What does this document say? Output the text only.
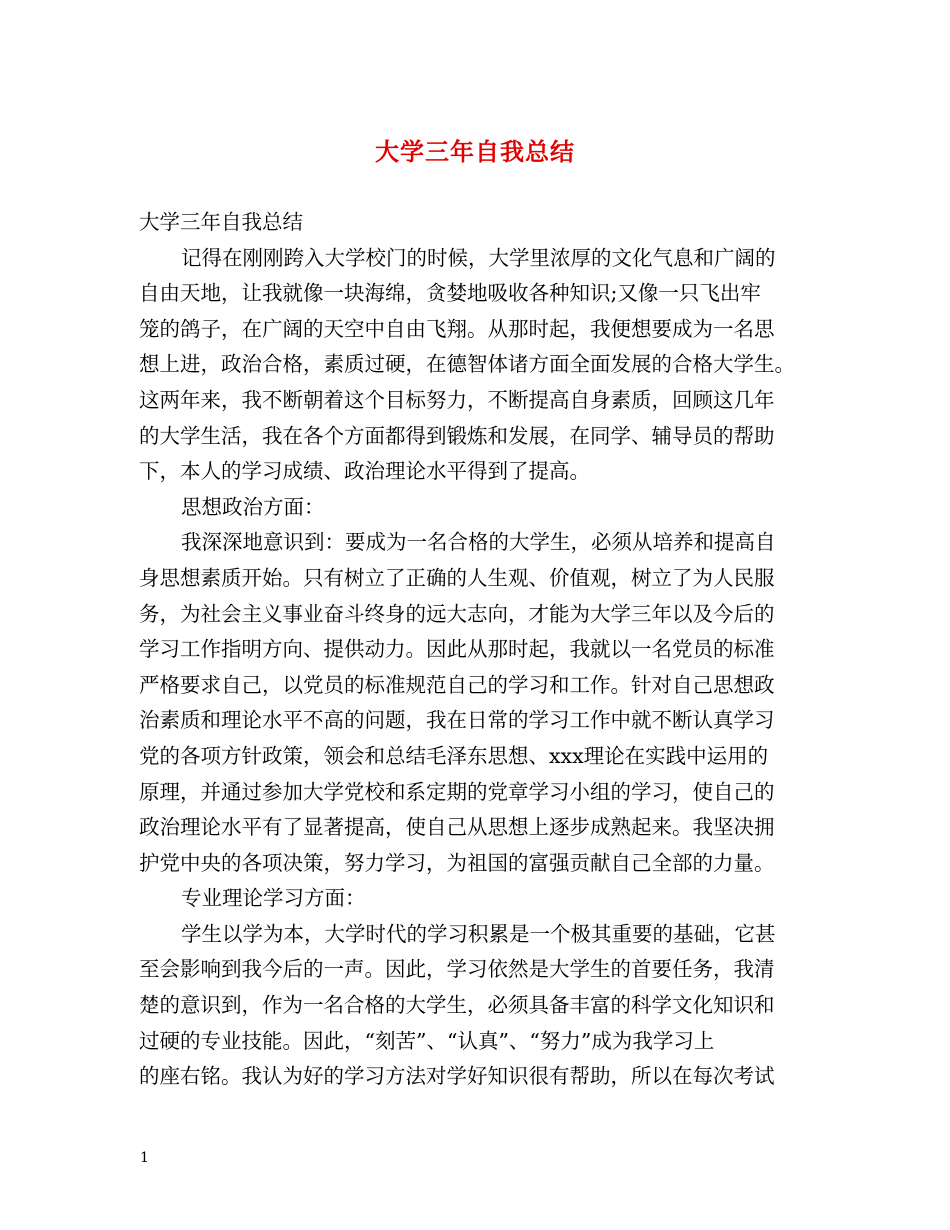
大学三年自我总结
大学三年自我总结
记得在刚刚跨入大学校门的时候，大学里浓厚的文化气息和广阔的
自由天地，让我就像一块海绵，贪婪地吸收各种知识;又像一只飞出牢
笼的鸽子，在广阔的天空中自由飞翔。从那时起，我便想要成为一名思
想上进，政治合格，素质过硬，在德智体诸方面全面发展的合格大学生。
这两年来，我不断朝着这个目标努力，不断提高自身素质，回顾这几年
的大学生活，我在各个方面都得到锻炼和发展，在同学、辅导员的帮助
下，本人的学习成绩、政治理论水平得到了提高。
思想政治方面：
我深深地意识到：要成为一名合格的大学生，必须从培养和提高自
身思想素质开始。只有树立了正确的人生观、价值观，树立了为人民服
务，为社会主义事业奋斗终身的远大志向，才能为大学三年以及今后的
学习工作指明方向、提供动力。因此从那时起，我就以一名党员的标准
严格要求自己，以党员的标准规范自己的学习和工作。针对自己思想政
治素质和理论水平不高的问题，我在日常的学习工作中就不断认真学习
党的各项方针政策，领会和总结毛泽东思想、xxx理论在实践中运用的
原理，并通过参加大学党校和系定期的党章学习小组的学习，使自己的
政治理论水平有了显著提高，使自己从思想上逐步成熟起来。我坚决拥
护党中央的各项决策，努力学习，为祖国的富强贡献自己全部的力量。
专业理论学习方面：
学生以学为本，大学时代的学习积累是一个极其重要的基础，它甚
至会影响到我今后的一声。因此，学习依然是大学生的首要任务，我清
楚的意识到，作为一名合格的大学生，必须具备丰富的科学文化知识和
过硬的专业技能。因此，“刻苦”、“认真”、“努力”成为我学习上
的座右铭。我认为好的学习方法对学好知识很有帮助，所以在每次考试
1
